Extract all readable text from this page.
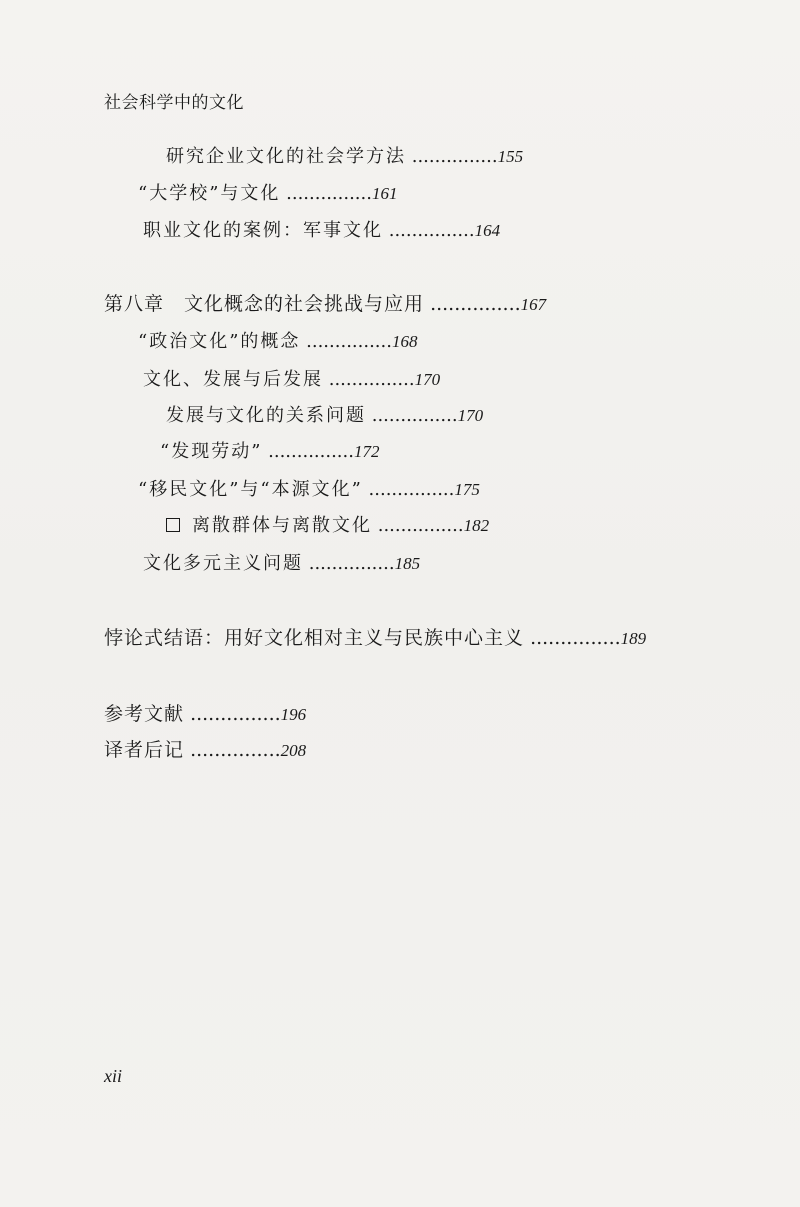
社会科学中的文化
研究企业文化的社会学方法 ...............155
“大学校”与文化 ...............161
职业文化的案例：军事文化 ...............164
第八章　文化概念的社会挑战与应用 ...............167
“政治文化”的概念 ...............168
文化、发展与后发展 ...............170
发展与文化的关系问题 ...............170
“发现劳动” ...............172
“移民文化”与“本源文化” ...............175
离散群体与离散文化 ...............182
文化多元主义问题 ...............185
悖论式结语：用好文化相对主义与民族中心主义 ...............189
参考文献 ...............196
译者后记 ...............208
xii
